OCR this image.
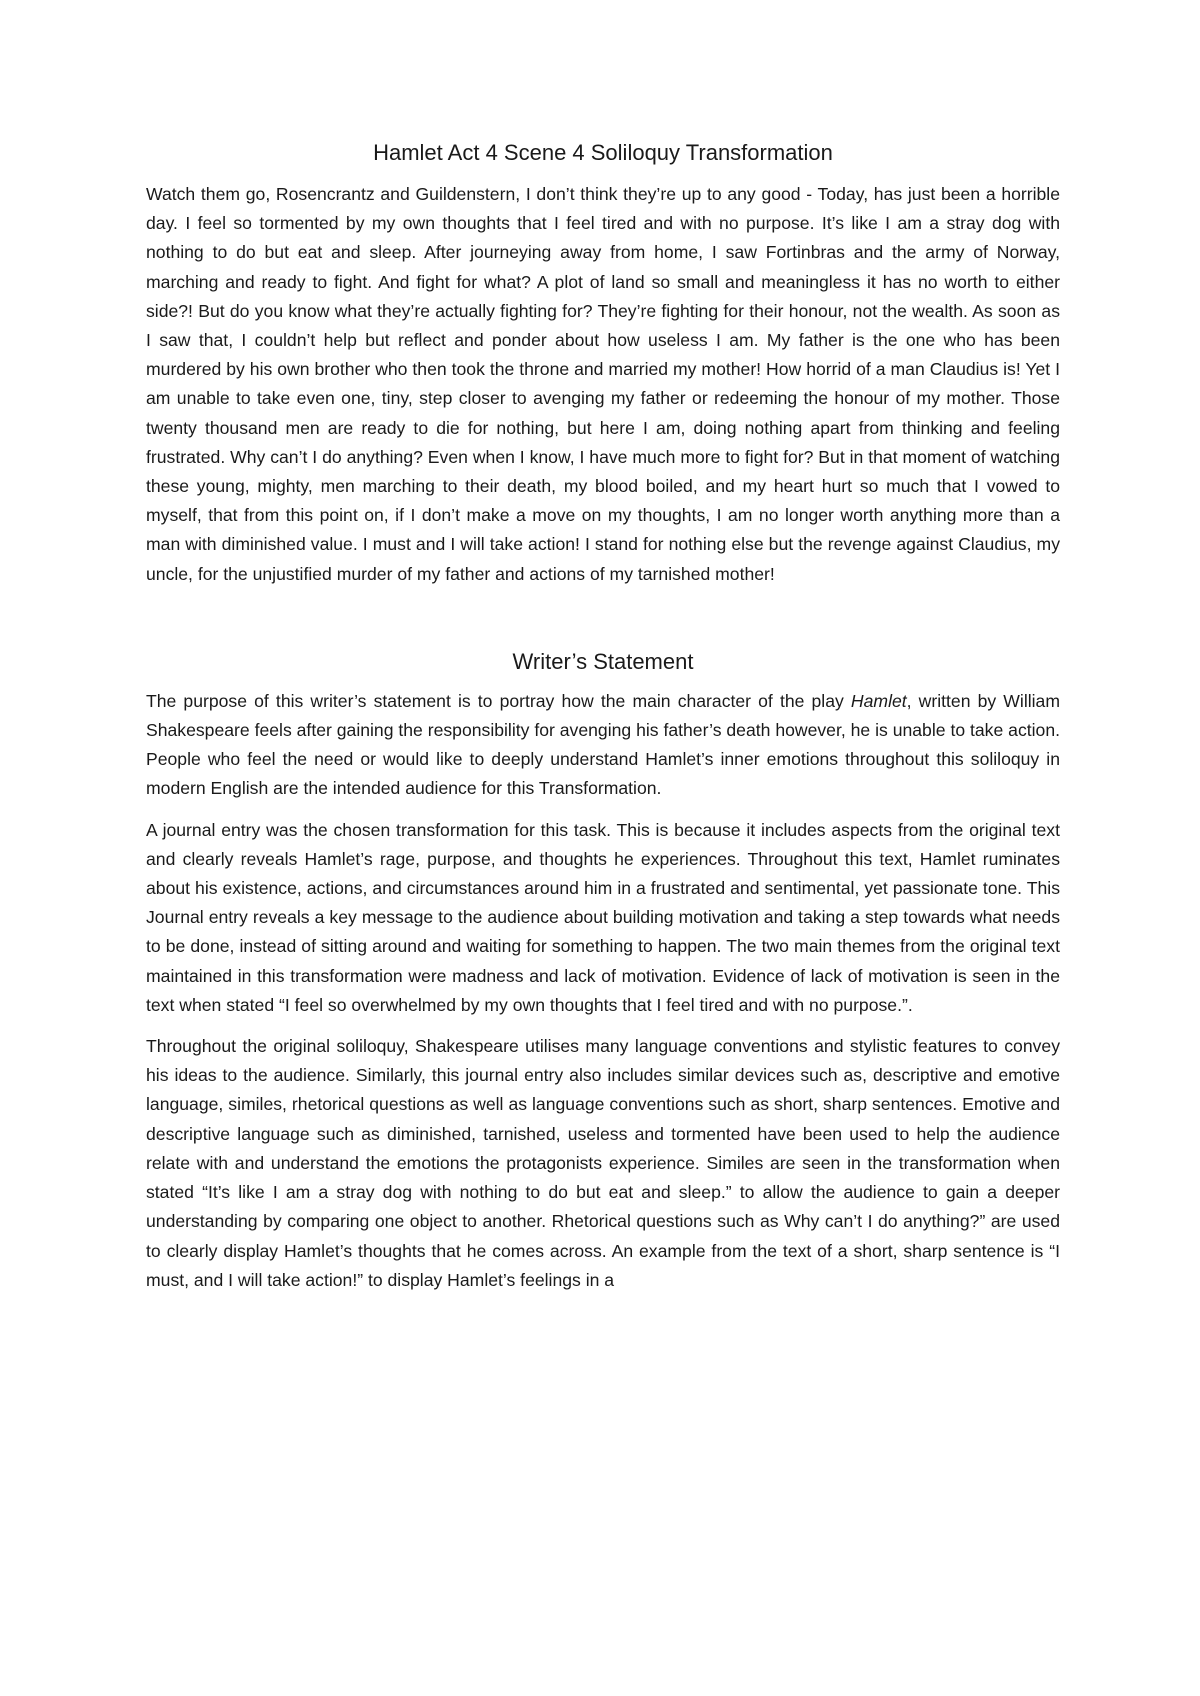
Hamlet Act 4 Scene 4 Soliloquy Transformation

Watch them go, Rosencrantz and Guildenstern, I don’t think they’re up to any good - Today, has just been a horrible day. I feel so tormented by my own thoughts that I feel tired and with no purpose. It’s like I am a stray dog with nothing to do but eat and sleep. After journeying away from home, I saw Fortinbras and the army of Norway, marching and ready to fight. And fight for what? A plot of land so small and meaningless it has no worth to either side?! But do you know what they’re actually fighting for? They’re fighting for their honour, not the wealth. As soon as I saw that, I couldn’t help but reflect and ponder about how useless I am. My father is the one who has been murdered by his own brother who then took the throne and married my mother! How horrid of a man Claudius is! Yet I am unable to take even one, tiny, step closer to avenging my father or redeeming the honour of my mother. Those twenty thousand men are ready to die for nothing, but here I am, doing nothing apart from thinking and feeling frustrated. Why can’t I do anything? Even when I know, I have much more to fight for? But in that moment of watching these young, mighty, men marching to their death, my blood boiled, and my heart hurt so much that I vowed to myself, that from this point on, if I don’t make a move on my thoughts, I am no longer worth anything more than a man with diminished value. I must and I will take action! I stand for nothing else but the revenge against Claudius, my uncle, for the unjustified murder of my father and actions of my tarnished mother!

Writer’s Statement

The purpose of this writer’s statement is to portray how the main character of the play Hamlet, written by William Shakespeare feels after gaining the responsibility for avenging his father’s death however, he is unable to take action. People who feel the need or would like to deeply understand Hamlet’s inner emotions throughout this soliloquy in modern English are the intended audience for this Transformation.

A journal entry was the chosen transformation for this task. This is because it includes aspects from the original text and clearly reveals Hamlet’s rage, purpose, and thoughts he experiences. Throughout this text, Hamlet ruminates about his existence, actions, and circumstances around him in a frustrated and sentimental, yet passionate tone. This Journal entry reveals a key message to the audience about building motivation and taking a step towards what needs to be done, instead of sitting around and waiting for something to happen. The two main themes from the original text maintained in this transformation were madness and lack of motivation. Evidence of lack of motivation is seen in the text when stated “I feel so overwhelmed by my own thoughts that I feel tired and with no purpose.”.

Throughout the original soliloquy, Shakespeare utilises many language conventions and stylistic features to convey his ideas to the audience. Similarly, this journal entry also includes similar devices such as, descriptive and emotive language, similes, rhetorical questions as well as language conventions such as short, sharp sentences. Emotive and descriptive language such as diminished, tarnished, useless and tormented have been used to help the audience relate with and understand the emotions the protagonists experience. Similes are seen in the transformation when stated “It’s like I am a stray dog with nothing to do but eat and sleep.” to allow the audience to gain a deeper understanding by comparing one object to another. Rhetorical questions such as Why can’t I do anything?” are used to clearly display Hamlet’s thoughts that he comes across. An example from the text of a short, sharp sentence is “I must, and I will take action!” to display Hamlet’s feelings in a
